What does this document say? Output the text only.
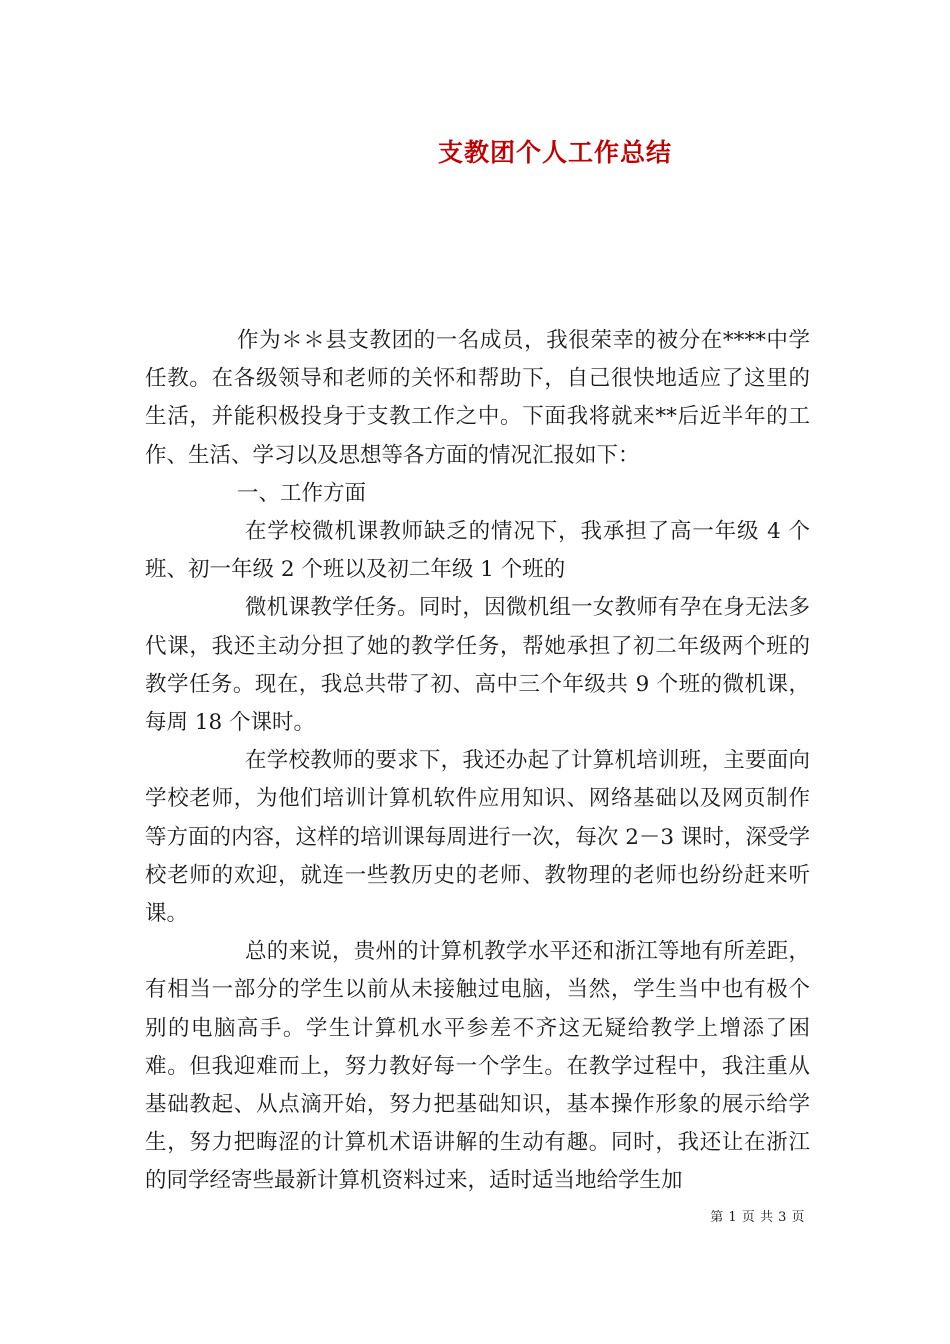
支教团个人工作总结

作为＊＊县支教团的一名成员，我很荣幸的被分在****中学任教。在各级领导和老师的关怀和帮助下，自己很快地适应了这里的生活，并能积极投身于支教工作之中。下面我将就来**后近半年的工作、生活、学习以及思想等各方面的情况汇报如下：

一、工作方面

在学校微机课教师缺乏的情况下，我承担了高一年级 4 个班、初一年级 2 个班以及初二年级 1 个班的

微机课教学任务。同时，因微机组一女教师有孕在身无法多代课，我还主动分担了她的教学任务，帮她承担了初二年级两个班的教学任务。现在，我总共带了初、高中三个年级共 9 个班的微机课，每周 18 个课时。

在学校教师的要求下，我还办起了计算机培训班，主要面向学校老师，为他们培训计算机软件应用知识、网络基础以及网页制作等方面的内容，这样的培训课每周进行一次，每次 2－3 课时，深受学校老师的欢迎，就连一些教历史的老师、教物理的老师也纷纷赶来听课。

总的来说，贵州的计算机教学水平还和浙江等地有所差距，有相当一部分的学生以前从未接触过电脑，当然，学生当中也有极个别的电脑高手。学生计算机水平参差不齐这无疑给教学上增添了困难。但我迎难而上，努力教好每一个学生。在教学过程中，我注重从基础教起、从点滴开始，努力把基础知识，基本操作形象的展示给学生，努力把晦涩的计算机术语讲解的生动有趣。同时，我还让在浙江的同学经寄些最新计算机资料过来，适时适当地给学生加

第 1 页 共 3 页
